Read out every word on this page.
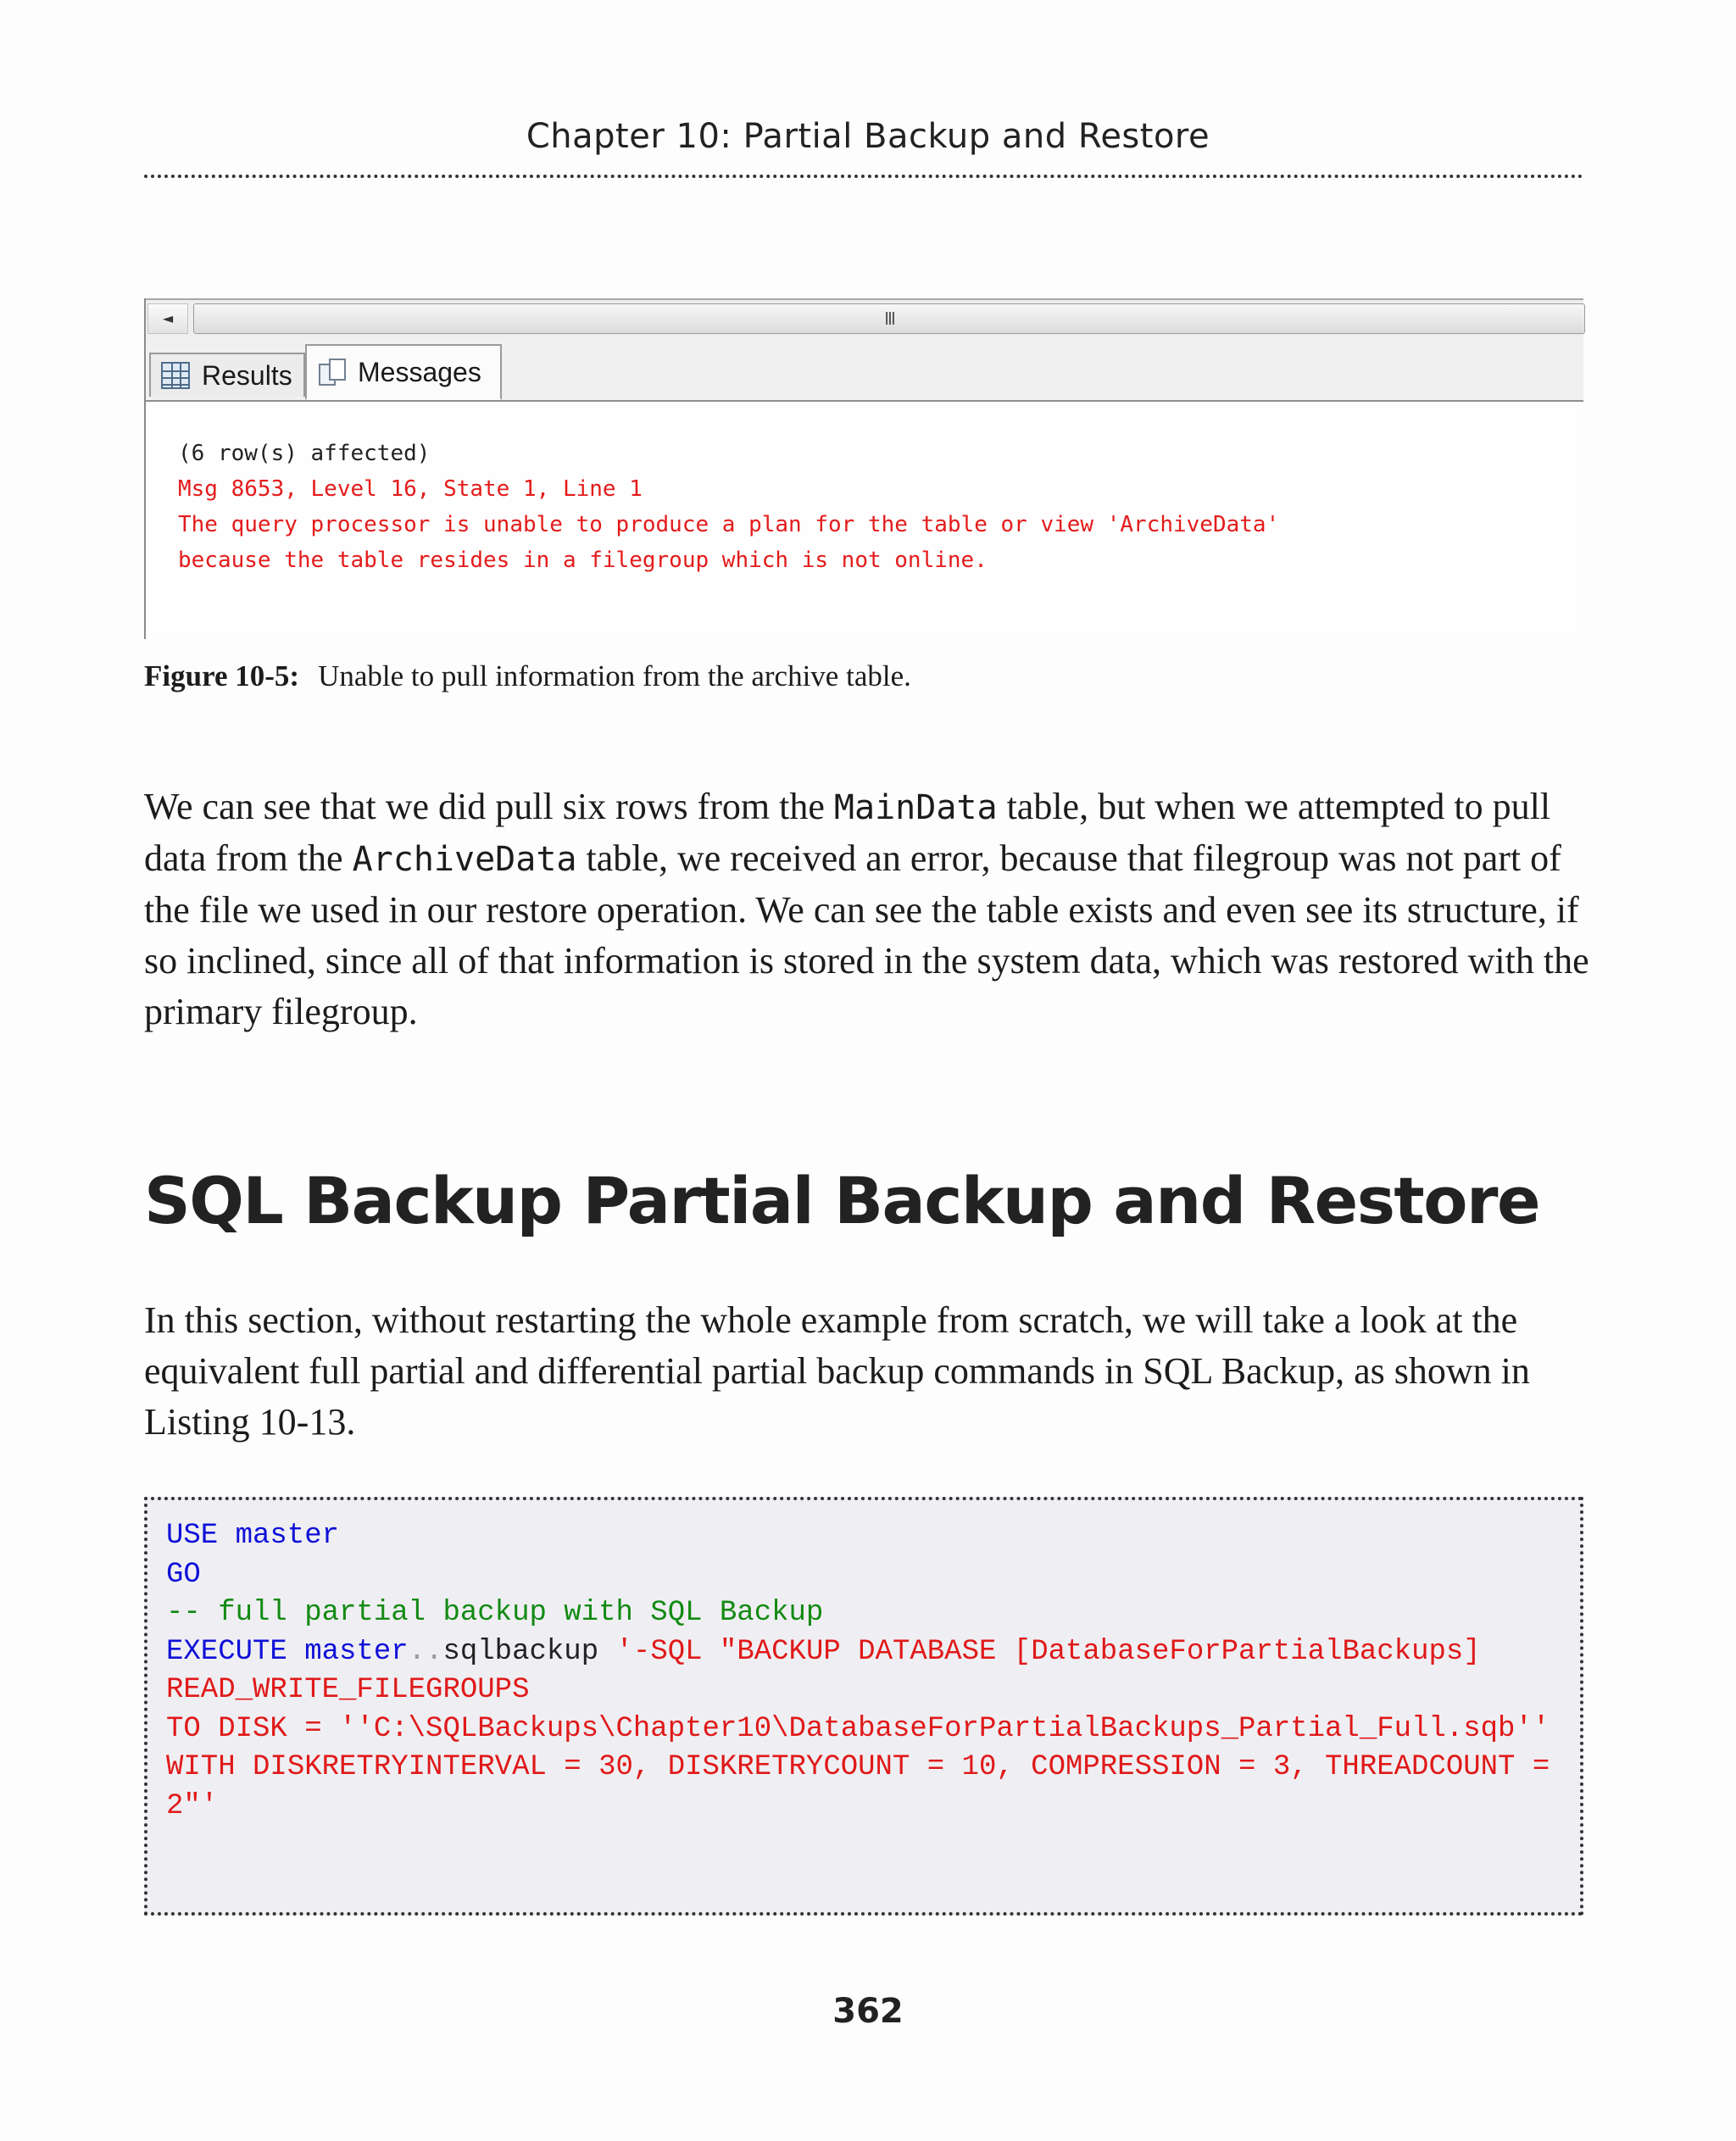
Chapter 10: Partial Backup and Restore
◄	III
Results Messages
(6 row(s) affected)
Msg 8653, Level 16, State 1, Line 1
The query processor is unable to produce a plan for the table or view 'ArchiveData'
because the table resides in a filegroup which is not online.
Figure 10-5: Unable to pull information from the archive table.

We can see that we did pull six rows from the MainData table, but when we attempted to pull data from the ArchiveData table, we received an error, because that filegroup was not part of the file we used in our restore operation. We can see the table exists and even see its structure, if so inclined, since all of that information is stored in the system data, which was restored with the primary filegroup.

SQL Backup Partial Backup and Restore

In this section, without restarting the whole example from scratch, we will take a look at the equivalent full partial and differential partial backup commands in SQL Backup, as shown in Listing 10-13.

USE master
GO
-- full partial backup with SQL Backup
EXECUTE master..sqlbackup '-SQL "BACKUP DATABASE [DatabaseForPartialBackups]
READ_WRITE_FILEGROUPS
TO DISK = ''C:\SQLBackups\Chapter10\DatabaseForPartialBackups_Partial_Full.sqb''
WITH DISKRETRYINTERVAL = 30, DISKRETRYCOUNT = 10, COMPRESSION = 3, THREADCOUNT =
2"'
362
